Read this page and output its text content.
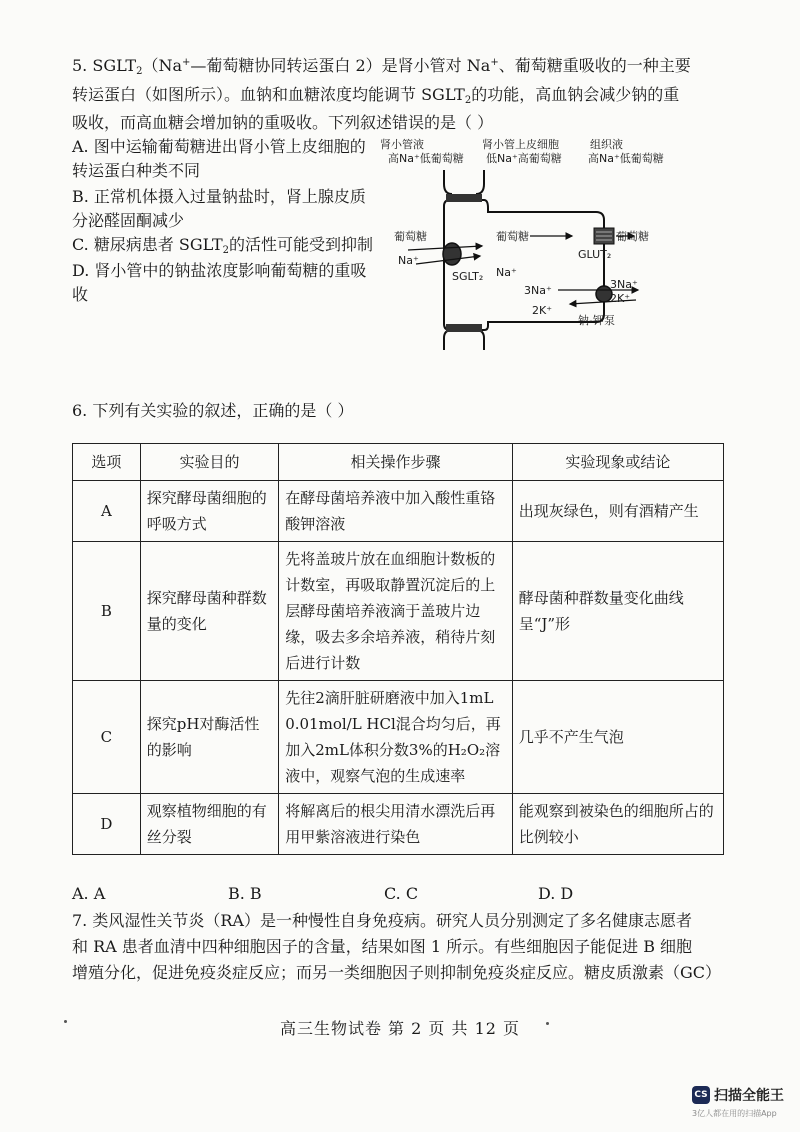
5. $SGLT_2(Na^+—$葡萄糖协同转运蛋白 2）是肾小管对 Na+、葡萄糖重吸收的一种主要
转运蛋白（如图所示）。血钠和血糖浓度均能调节 $SGLT_2$的功能，高血钠会减少钠的重
吸收，而高血糖会增加钠的重吸收。下列叙述错误的是（ ）
A. 图中运输葡萄糖进出肾小管上皮细胞的
转运蛋白种类不同
B. 正常机体摄入过量钠盐时，肾上腺皮质
分泌醛固酮减少
C. 糖尿病患者 $SGLT_2$的活性可能受到抑制
D. 肾小管中的钠盐浓度影响葡萄糖的重吸
收
肾小管液
高Na⁺低葡萄糖
肾小管上皮细胞
低Na⁺高葡萄糖
组织液
高Na⁺低葡萄糖
葡萄糖
Na⁺
SGLT₂ Na⁺
葡萄糖	葡萄糖
GLUT₂
3Na⁺
2K⁺
3Na⁺
2K⁺
钠-钾泵
6. 下列有关实验的叙述，正确的是（ ）
选项	实验目的	相关操作步骤	实验现象或结论
A	探究酵母菌细胞的呼吸方式	在酵母菌培养液中加入酸性重铬酸钾溶液	出现灰绿色，则有酒精产生
B	探究酵母菌种群数量的变化	先将盖玻片放在血细胞计数板的计数室，再吸取静置沉淀后的上层酵母菌培养液滴于盖玻片边缘，吸去多余培养液，稍待片刻后进行计数	酵母菌种群数量变化曲线呈“J”形
C	探究pH对酶活性的影响	先往2滴肝脏研磨液中加入1mL 0.01mol/L HCl混合均匀后，再加入2mL体积分数3%的H₂O₂溶液中，观察气泡的生成速率	几乎不产生气泡
D	观察植物细胞的有丝分裂	将解离后的根尖用清水漂洗后再用甲紫溶液进行染色	能观察到被染色的细胞所占的比例较小
A. A	B. B	C. C	D. D
7. 类风湿性关节炎（RA）是一种慢性自身免疫病。研究人员分别测定了多名健康志愿者
和 RA 患者血清中四种细胞因子的含量，结果如图 1 所示。有些细胞因子能促进 B 细胞
增殖分化，促进免疫炎症反应；而另一类细胞因子则抑制免疫炎症反应。糖皮质激素（GC）
高三生物试卷 第 2 页 共 12 页
CS 扫描全能王
3亿人都在用的扫描App
